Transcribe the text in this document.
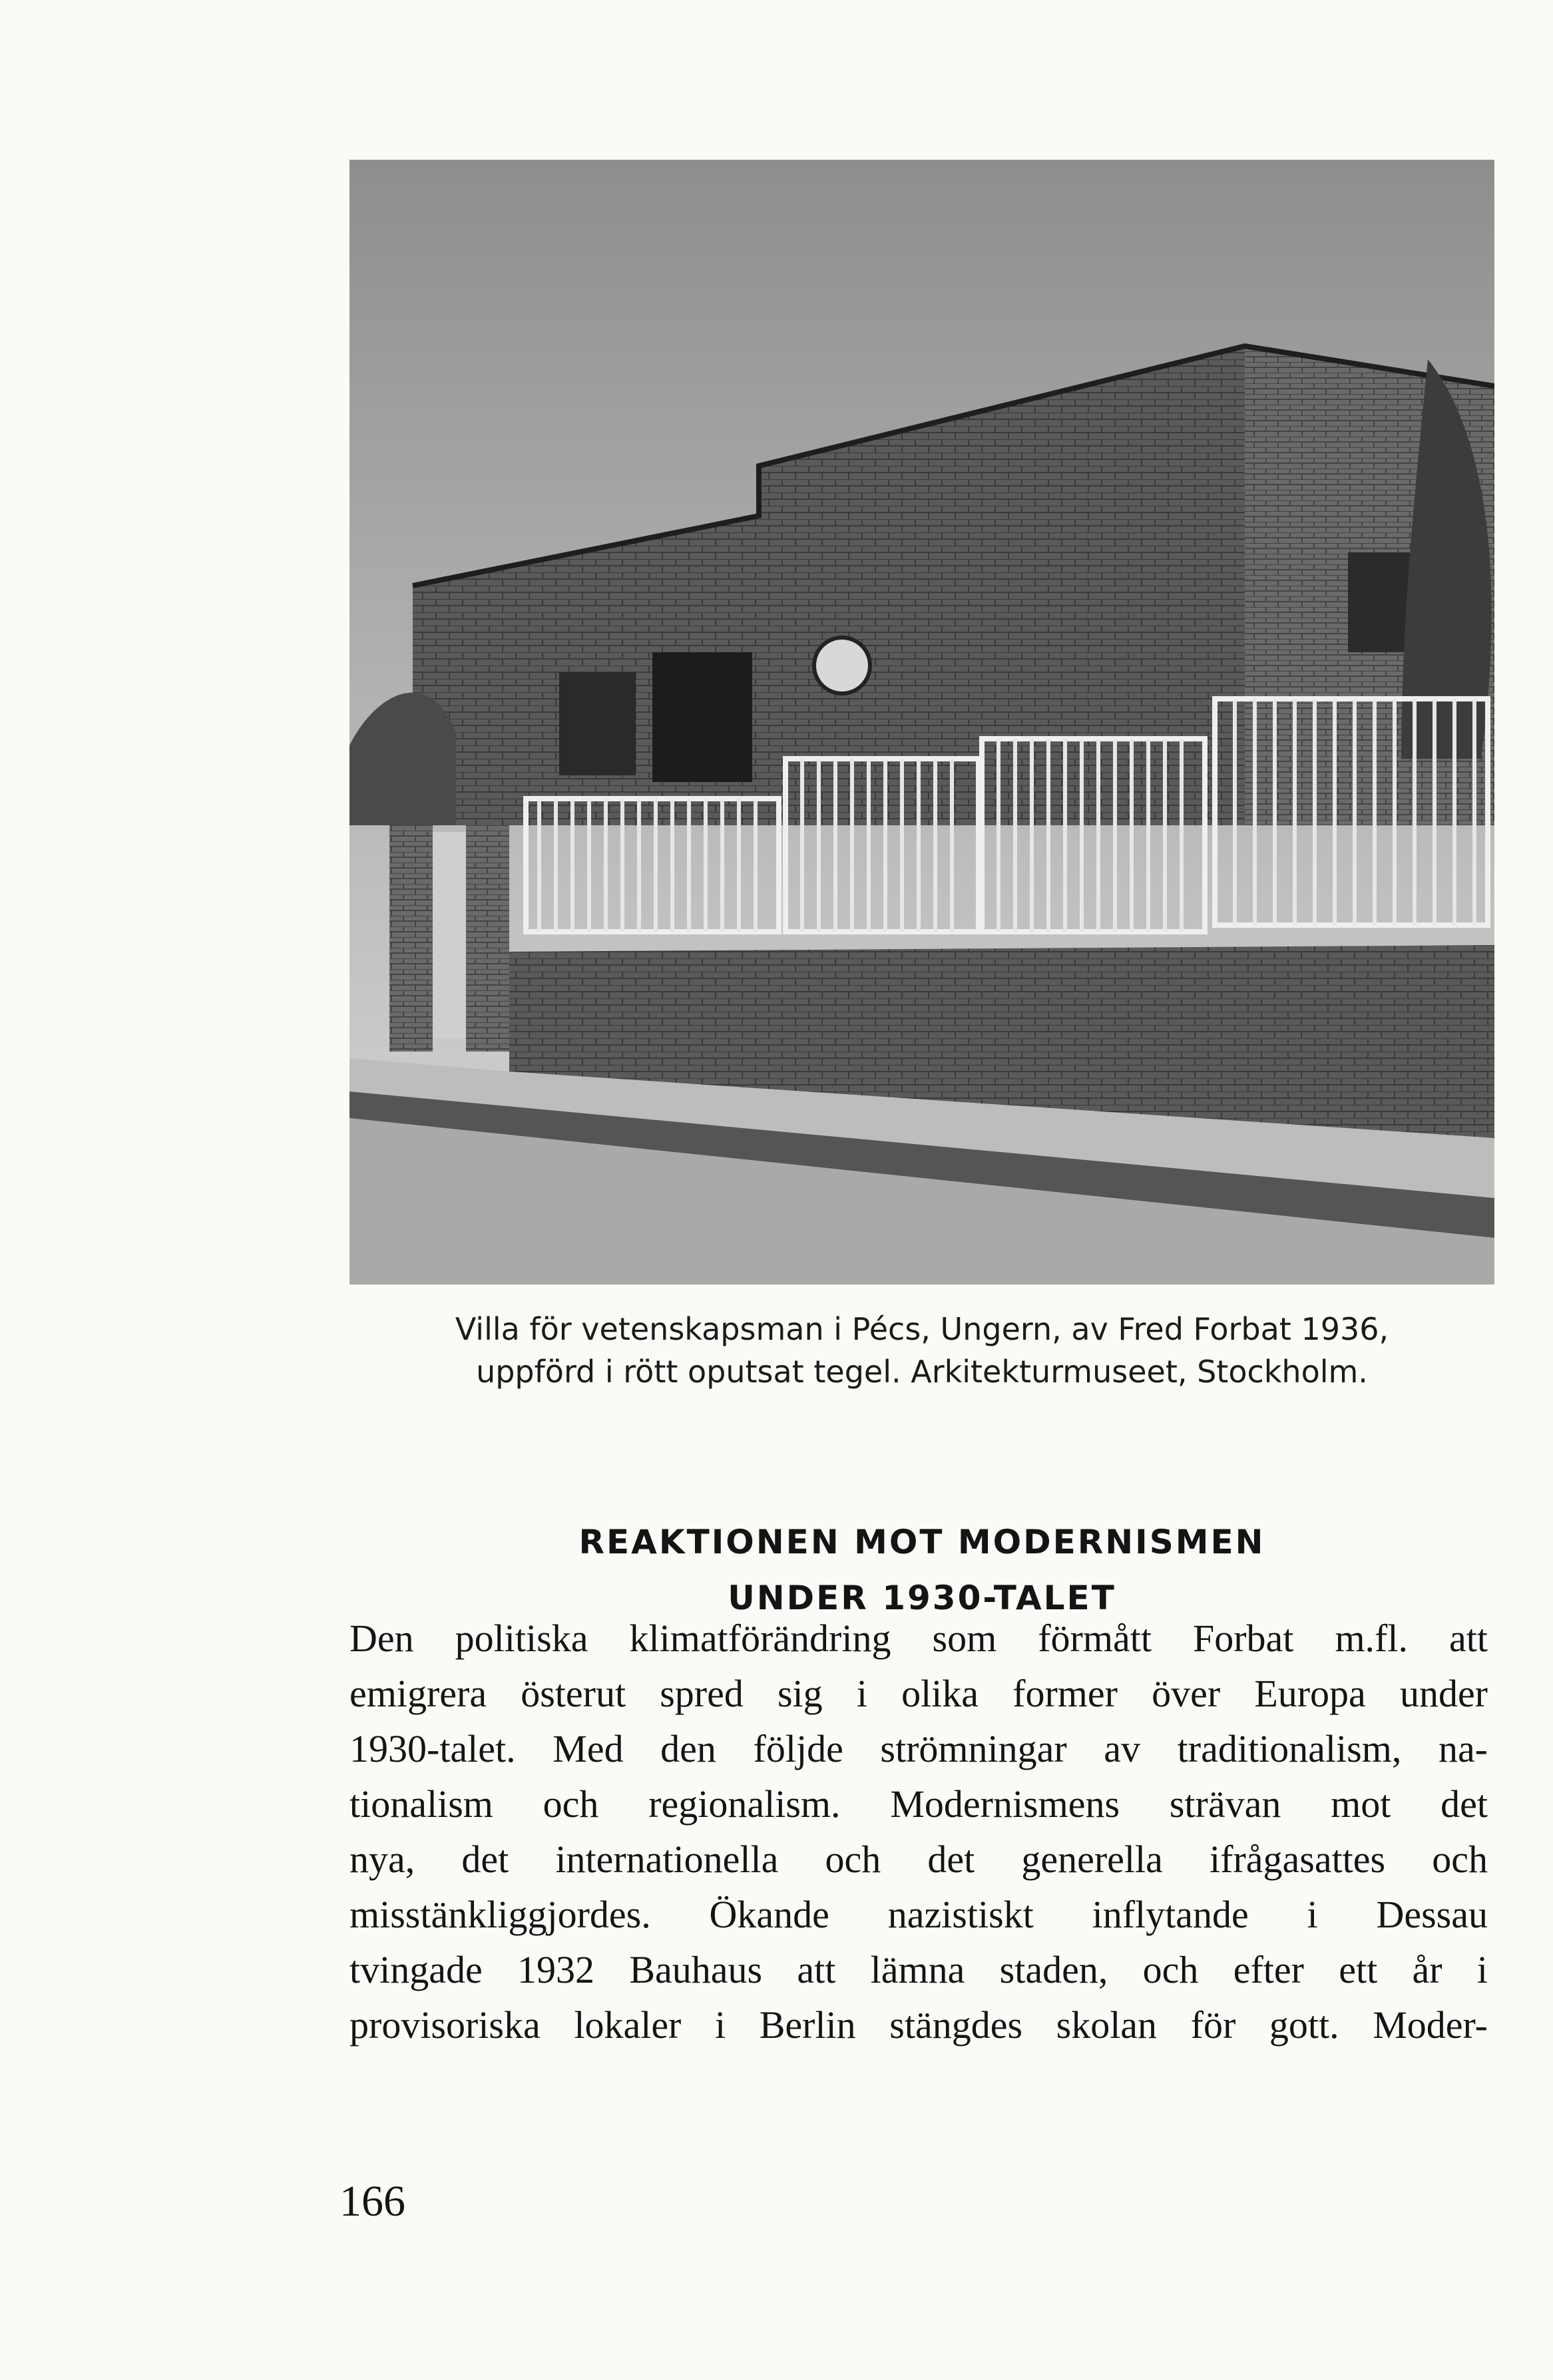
Villa för vetenskapsman i Pécs, Ungern, av Fred Forbat 1936,

uppförd i rött oputsat tegel. Arkitekturmuseet, Stockholm.

REAKTIONEN MOT MODERNISMEN
UNDER 1930-TALET
Den politiska klimatförändring som förmått Forbat m.fl. att
emigrera österut spred sig i olika former över Europa under
1930-talet. Med den följde strömningar av traditionalism, na-
tionalism och regionalism. Modernismens strävan mot det
nya, det internationella och det generella ifrågasattes och
misstänkliggjordes. Ökande nazistiskt inflytande i Dessau
tvingade 1932 Bauhaus att lämna staden, och efter ett år i
provisoriska lokaler i Berlin stängdes skolan för gott. Moder-
166
